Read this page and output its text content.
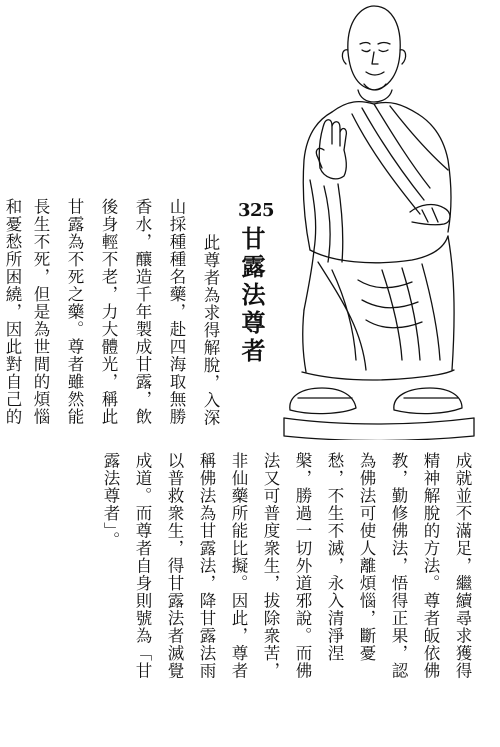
325
甘露法尊者
此尊者為求得解脫，入深
山採種種名藥，赴四海取無勝
香水，釀造千年製成甘露，飲
後身輕不老，力大體光，稱此
甘露為不死之藥。尊者雖然能
長生不死，但是為世間的煩惱
和憂愁所困繞，因此對自己的
成就並不滿足，繼續尋求獲得
精神解脫的方法。尊者皈依佛
教，勤修佛法，悟得正果，認
為佛法可使人離煩惱，斷憂
愁，不生不滅，永入清淨涅
槃，勝過一切外道邪說。而佛
法又可普度衆生，拔除衆苦，
非仙藥所能比擬。因此，尊者
稱佛法為甘露法，降甘露法雨
以普救衆生，得甘露法者滅覺
成道。而尊者自身則號為「甘
露法尊者」。
